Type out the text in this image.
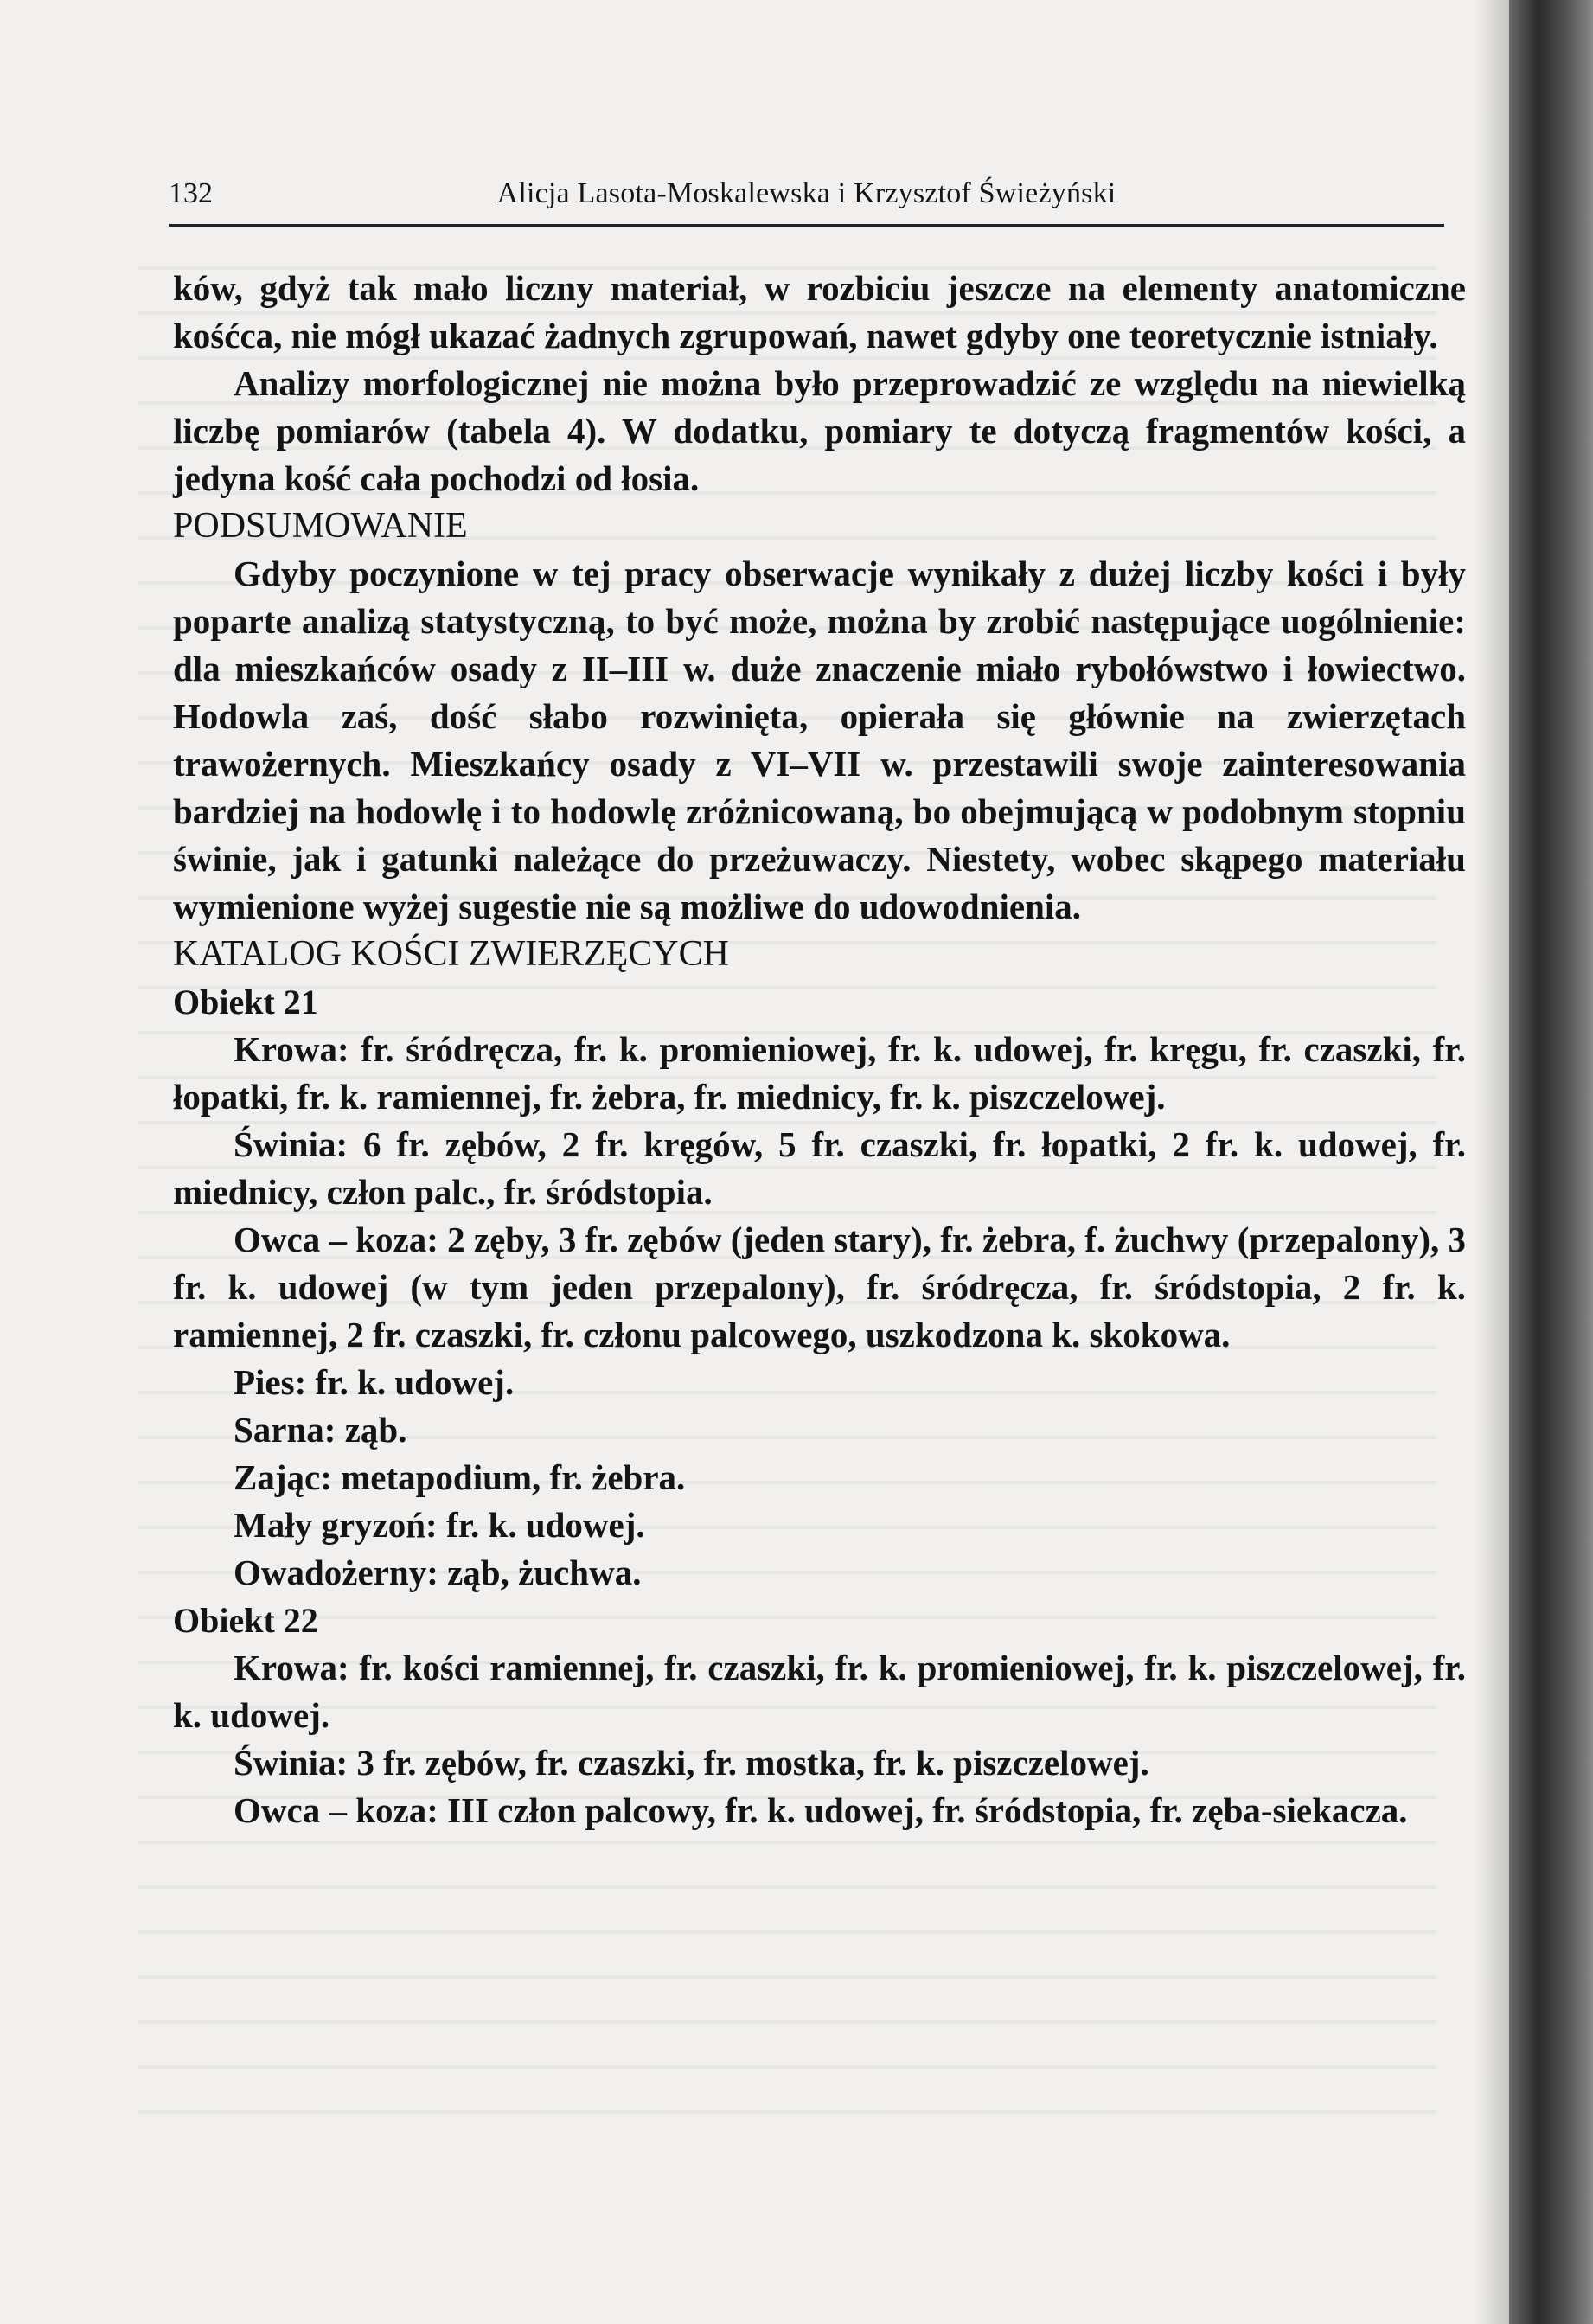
132	Alicja Lasota-Moskalewska i Krzysztof Świeżyński

ków, gdyż tak mało liczny materiał, w rozbiciu jeszcze na elementy anatomiczne kośćca, nie mógł ukazać żadnych zgrupowań, nawet gdyby one teoretycznie istniały.

Analizy morfologicznej nie można było przeprowadzić ze względu na niewielką liczbę pomiarów (tabela 4). W dodatku, pomiary te dotyczą fragmentów kości, a jedyna kość cała pochodzi od łosia.

PODSUMOWANIE

Gdyby poczynione w tej pracy obserwacje wynikały z dużej liczby kości i były poparte analizą statystyczną, to być może, można by zrobić następujące uogólnienie: dla mieszkańców osady z II–III w. duże znaczenie miało rybołówstwo i łowiectwo. Hodowla zaś, dość słabo rozwinięta, opierała się głównie na zwierzętach trawożernych. Mieszkańcy osady z VI–VII w. przestawili swoje zainteresowania bardziej na hodowlę i to hodowlę zróżnicowaną, bo obejmującą w podobnym stopniu świnie, jak i gatunki należące do przeżuwaczy. Niestety, wobec skąpego materiału wymienione wyżej sugestie nie są możliwe do udowodnienia.

KATALOG KOŚCI ZWIERZĘCYCH

Obiekt 21

Krowa: fr. śródręcza, fr. k. promieniowej, fr. k. udowej, fr. kręgu, fr. czaszki, fr. łopatki, fr. k. ramiennej, fr. żebra, fr. miednicy, fr. k. piszczelowej.

Świnia: 6 fr. zębów, 2 fr. kręgów, 5 fr. czaszki, fr. łopatki, 2 fr. k. udowej, fr. miednicy, człon palc., fr. śródstopia.

Owca – koza: 2 zęby, 3 fr. zębów (jeden stary), fr. żebra, f. żuchwy (przepalony), 3 fr. k. udowej (w tym jeden przepalony), fr. śródręcza, fr. śródstopia, 2 fr. k. ramiennej, 2 fr. czaszki, fr. członu palcowego, uszkodzona k. skokowa.

Pies: fr. k. udowej.

Sarna: ząb.

Zając: metapodium, fr. żebra.

Mały gryzoń: fr. k. udowej.

Owadożerny: ząb, żuchwa.

Obiekt 22

Krowa: fr. kości ramiennej, fr. czaszki, fr. k. promieniowej, fr. k. piszczelowej, fr. k. udowej.

Świnia: 3 fr. zębów, fr. czaszki, fr. mostka, fr. k. piszczelowej.

Owca – koza: III człon palcowy, fr. k. udowej, fr. śródstopia, fr. zęba-siekacza.
